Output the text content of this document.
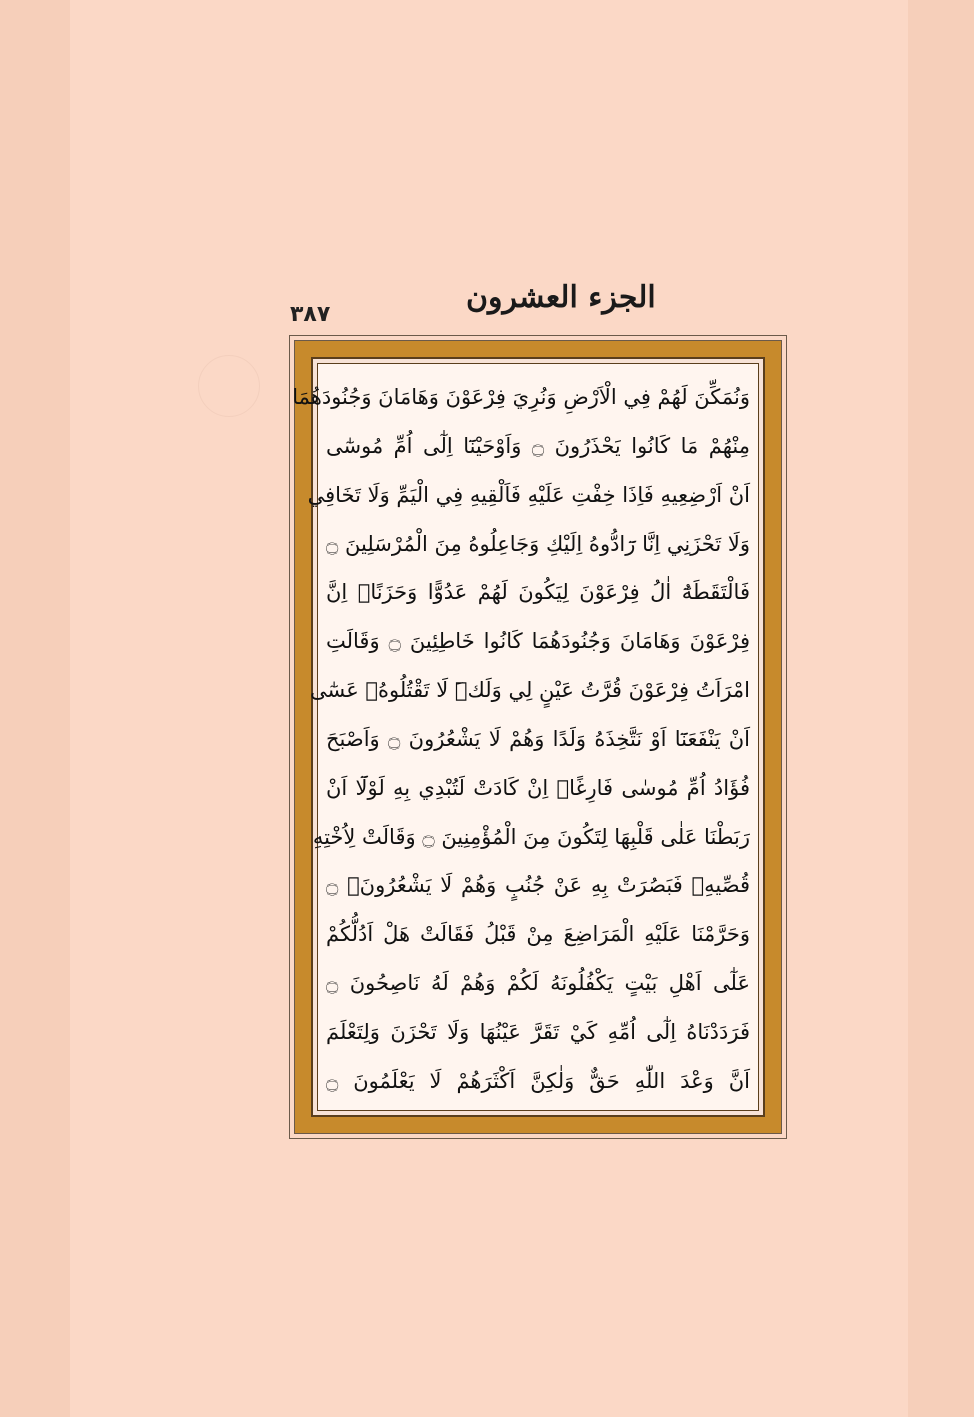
الجزء العشرون
٣٨٧
وَنُمَكِّنَ لَهُمْ فِي الْاَرْضِ وَنُرِيَ فِرْعَوْنَ وَهَامَانَ وَجُنُودَهُمَا
مِنْهُمْ مَا كَانُوا يَحْذَرُونَ ۝ وَاَوْحَيْنَٓا اِلٰٓى اُمِّ مُوسٰٓى
اَنْ اَرْضِعِيهِ فَاِذَا خِفْتِ عَلَيْهِ فَاَلْقِيهِ فِي الْيَمِّ وَلَا تَخَافِي
وَلَا تَحْزَنِي اِنَّا رَٓادُّوهُ اِلَيْكِ وَجَاعِلُوهُ مِنَ الْمُرْسَلِينَ ۝
فَالْتَقَطَهُٓ اٰلُ فِرْعَوْنَ لِيَكُونَ لَهُمْ عَدُوًّا وَحَزَنًاۜ اِنَّ
فِرْعَوْنَ وَهَامَانَ وَجُنُودَهُمَا كَانُوا خَاطِئِينَ ۝ وَقَالَتِ
امْرَاَتُ فِرْعَوْنَ قُرَّتُ عَيْنٍ لِي وَلَكَۜ لَا تَقْتُلُوهُۗ عَسٰٓى
اَنْ يَنْفَعَنَٓا اَوْ نَتَّخِذَهُ وَلَدًا وَهُمْ لَا يَشْعُرُونَ ۝ وَاَصْبَحَ
فُؤَادُ اُمِّ مُوسٰى فَارِغًاۜ اِنْ كَادَتْ لَتُبْدِي بِهِ لَوْلَٓا اَنْ
رَبَطْنَا عَلٰى قَلْبِهَا لِتَكُونَ مِنَ الْمُؤْمِنِينَ ۝ وَقَالَتْ لِاُخْتِهِ
قُصِّيهِۘ فَبَصُرَتْ بِهِ عَنْ جُنُبٍ وَهُمْ لَا يَشْعُرُونَۙ ۝
وَحَرَّمْنَا عَلَيْهِ الْمَرَاضِعَ مِنْ قَبْلُ فَقَالَتْ هَلْ اَدُلُّكُمْ
عَلٰٓى اَهْلِ بَيْتٍ يَكْفُلُونَهُ لَكُمْ وَهُمْ لَهُ نَاصِحُونَ ۝
فَرَدَدْنَاهُ اِلٰٓى اُمِّهِ كَيْ تَقَرَّ عَيْنُهَا وَلَا تَحْزَنَ وَلِتَعْلَمَ
اَنَّ وَعْدَ اللّٰهِ حَقٌّ وَلٰكِنَّ اَكْثَرَهُمْ لَا يَعْلَمُونَ ۝
